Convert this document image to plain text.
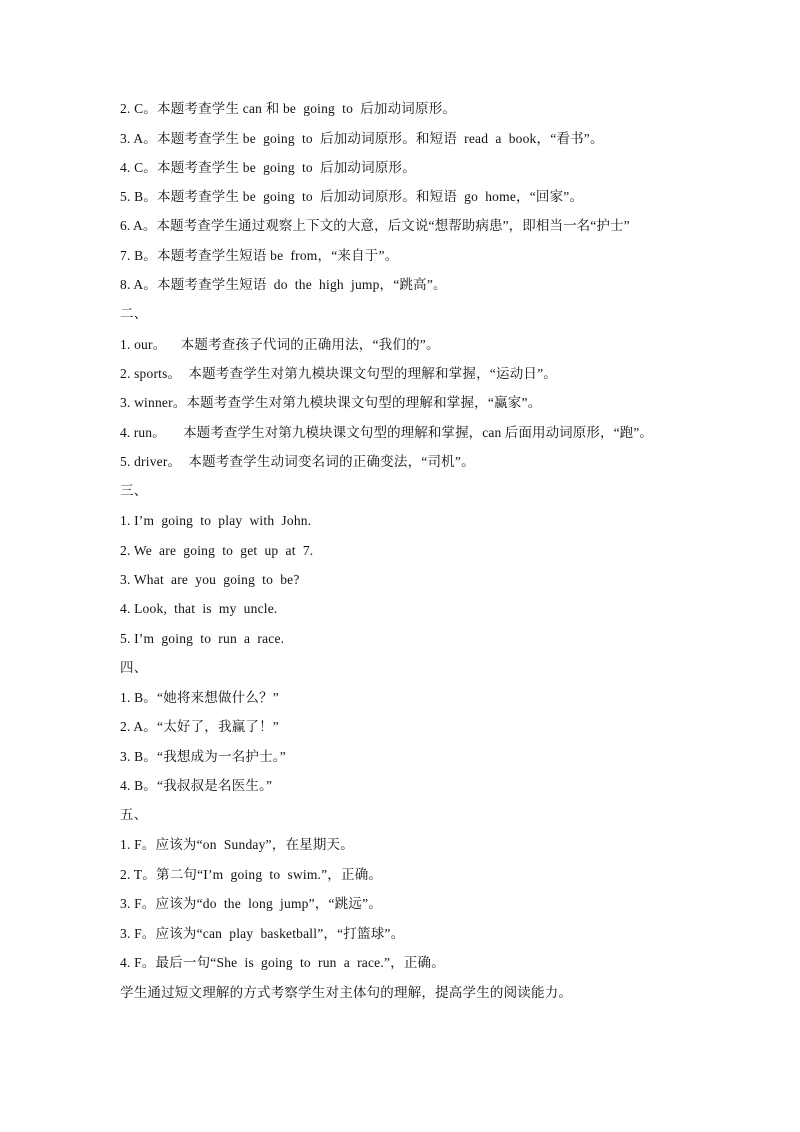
2. C。本题考查学生 can 和 be  going  to  后加动词原形。
3. A。本题考查学生 be  going  to  后加动词原形。和短语  read  a  book，“看书”。
4. C。本题考查学生 be  going  to  后加动词原形。
5. B。本题考查学生 be  going  to  后加动词原形。和短语  go  home，“回家”。
6. A。本题考查学生通过观察上下文的大意，后文说“想帮助病患”，即相当一名“护士”
7. B。本题考查学生短语 be  from，“来自于”。
8. A。本题考查学生短语  do  the  high  jump，“跳高”。
二、
1. our。    本题考查孩子代词的正确用法，“我们的”。
2. sports。  本题考查学生对第九模块课文句型的理解和掌握，“运动日”。
3. winner。本题考查学生对第九模块课文句型的理解和掌握，“赢家”。
4. run。     本题考查学生对第九模块课文句型的理解和掌握，can 后面用动词原形，“跑”。
5. driver。  本题考查学生动词变名词的正确变法，“司机”。
三、
1. I’m  going  to  play  with  John.
2. We  are  going  to  get  up  at  7.
3. What  are  you  going  to  be?
4. Look,  that  is  my  uncle.
5. I’m  going  to  run  a  race.
四、
1. B。“她将来想做什么？”
2. A。“太好了，我赢了！”
3. B。“我想成为一名护士。”
4. B。“我叔叔是名医生。”
五、
1. F。应该为“on  Sunday”，在星期天。
2. T。第二句“I’m  going  to  swim.”，正确。
3. F。应该为“do  the  long  jump”，“跳远”。
3. F。应该为“can  play  basketball”，“打篮球”。
4. F。最后一句“She  is  going  to  run  a  race.”，正确。
学生通过短文理解的方式考察学生对主体句的理解，提高学生的阅读能力。
